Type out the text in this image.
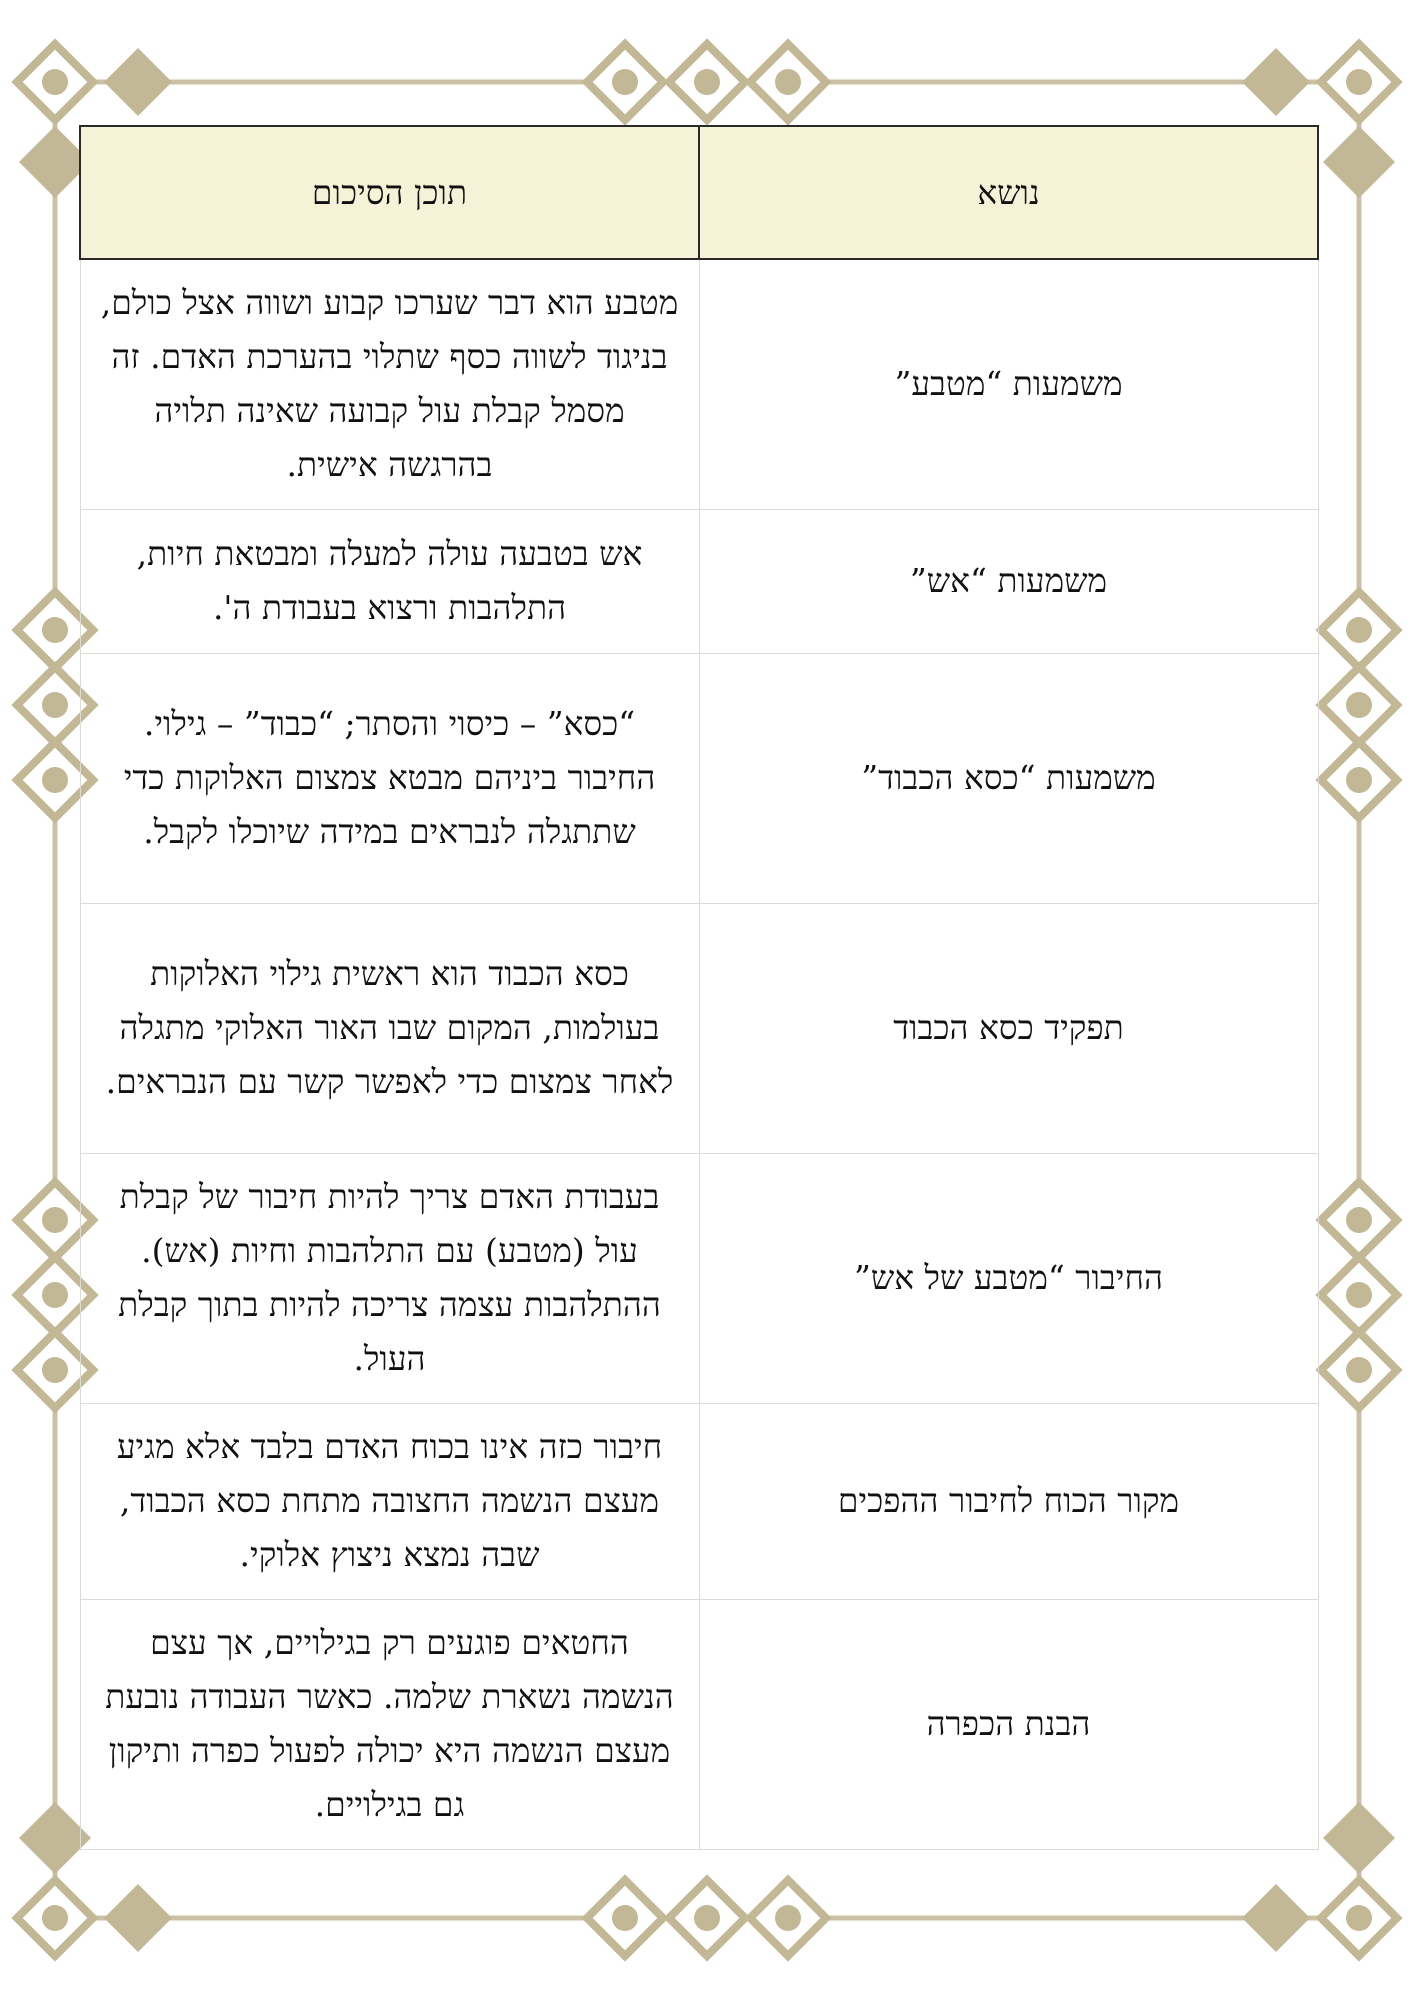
נושא	תוכן הסיכום
משמעות “מטבע”	מטבע הוא דבר שערכו קבוע ושווה אצל כולם, בניגוד לשווה כסף שתלוי בהערכת האדם. זה מסמל קבלת עול קבועה שאינה תלויה בהרגשה אישית.
משמעות “אש”	אש בטבעה עולה למעלה ומבטאת חיות, התלהבות ורצוא בעבודת ה'.
משמעות “כסא הכבוד”	“כסא” – כיסוי והסתר; “כבוד” – גילוי. החיבור ביניהם מבטא צמצום האלוקות כדי שתתגלה לנבראים במידה שיוכלו לקבל.
תפקיד כסא הכבוד	כסא הכבוד הוא ראשית גילוי האלוקות בעולמות, המקום שבו האור האלוקי מתגלה לאחר צמצום כדי לאפשר קשר עם הנבראים.
החיבור “מטבע של אש”	בעבודת האדם צריך להיות חיבור של קבלת עול (מטבע) עם התלהבות וחיות (אש). ההתלהבות עצמה צריכה להיות בתוך קבלת העול.
מקור הכוח לחיבור ההפכים	חיבור כזה אינו בכוח האדם בלבד אלא מגיע מעצם הנשמה החצובה מתחת כסא הכבוד, שבה נמצא ניצוץ אלוקי.
הבנת הכפרה	החטאים פוגעים רק בגילויים, אך עצם הנשמה נשארת שלמה. כאשר העבודה נובעת מעצם הנשמה היא יכולה לפעול כפרה ותיקון גם בגילויים.
